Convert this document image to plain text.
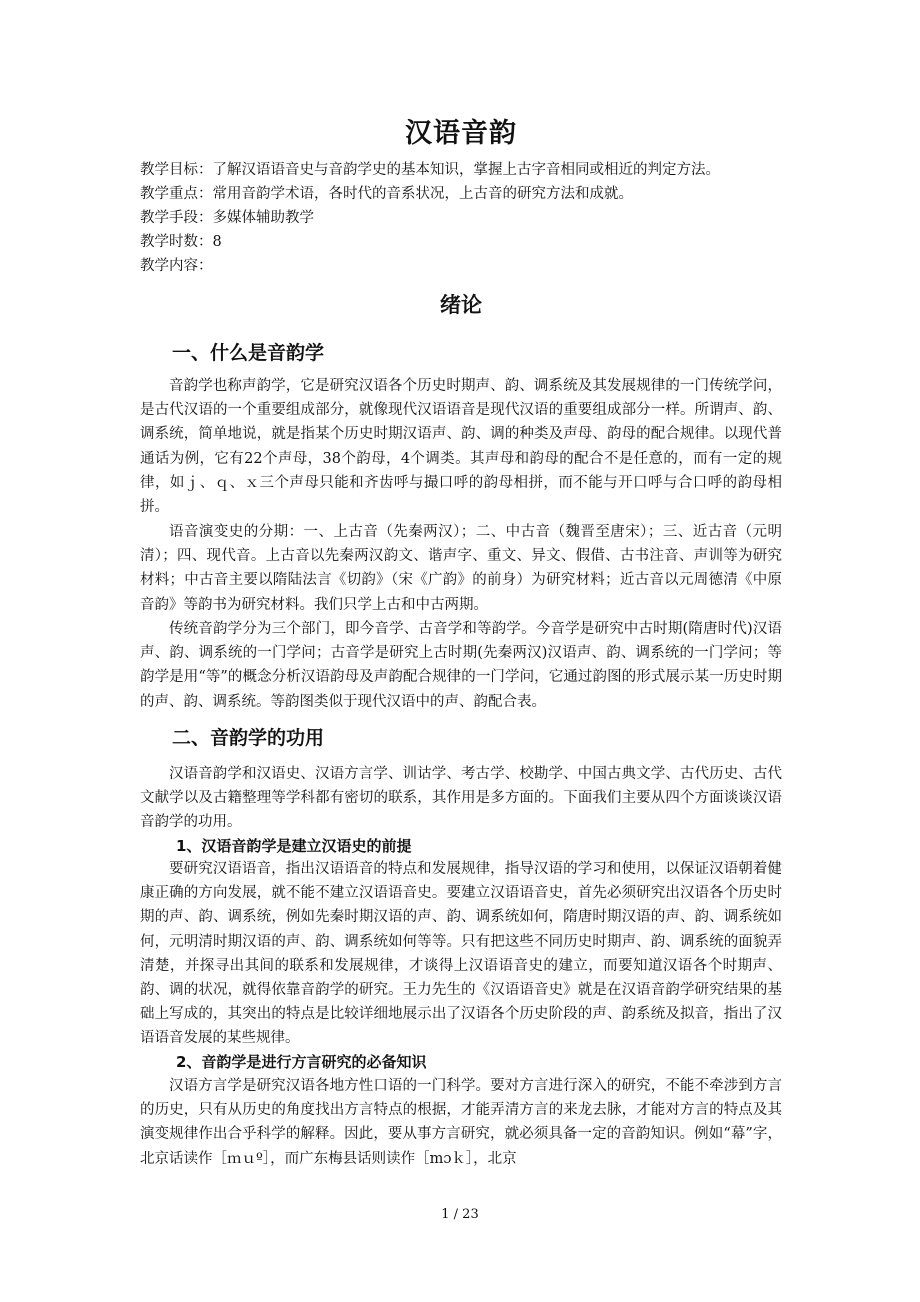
汉语音韵
教学目标：了解汉语语音史与音韵学史的基本知识，掌握上古字音相同或相近的判定方法。
教学重点：常用音韵学术语，各时代的音系状况，上古音的研究方法和成就。
教学手段：多媒体辅助教学
教学时数：8
教学内容：
绪论
一、什么是音韵学
音韵学也称声韵学，它是研究汉语各个历史时期声、韵、调系统及其发展规律的一门传统学问，是古代汉语的一个重要组成部分，就像现代汉语语音是现代汉语的重要组成部分一样。所谓声、韵、调系统，简单地说，就是指某个历史时期汉语声、韵、调的种类及声母、韵母的配合规律。以现代普通话为例，它有22个声母，38个韵母，4个调类。其声母和韵母的配合不是任意的，而有一定的规律，如ｊ、ｑ、ｘ三个声母只能和齐齿呼与撮口呼的韵母相拼，而不能与开口呼与合口呼的韵母相拼。
语音演变史的分期：一、上古音（先秦两汉）；二、中古音（魏晋至唐宋）；三、近古音（元明清）；四、现代音。上古音以先秦两汉韵文、谐声字、重文、异文、假借、古书注音、声训等为研究材料；中古音主要以隋陆法言《切韵》（宋《广韵》的前身）为研究材料；近古音以元周德清《中原音韵》等韵书为研究材料。我们只学上古和中古两期。
传统音韵学分为三个部门，即今音学、古音学和等韵学。今音学是研究中古时期(隋唐时代)汉语声、韵、调系统的一门学问；古音学是研究上古时期(先秦两汉)汉语声、韵、调系统的一门学问；等韵学是用“等”的概念分析汉语韵母及声韵配合规律的一门学问，它通过韵图的形式展示某一历史时期的声、韵、调系统。等韵图类似于现代汉语中的声、韵配合表。
二、音韵学的功用
汉语音韵学和汉语史、汉语方言学、训诂学、考古学、校勘学、中国古典文学、古代历史、古代文献学以及古籍整理等学科都有密切的联系，其作用是多方面的。下面我们主要从四个方面谈谈汉语音韵学的功用。
1、汉语音韵学是建立汉语史的前提
要研究汉语语音，指出汉语语音的特点和发展规律，指导汉语的学习和使用，以保证汉语朝着健康正确的方向发展，就不能不建立汉语语音史。要建立汉语语音史，首先必须研究出汉语各个历史时期的声、韵、调系统，例如先秦时期汉语的声、韵、调系统如何，隋唐时期汉语的声、韵、调系统如何，元明清时期汉语的声、韵、调系统如何等等。只有把这些不同历史时期声、韵、调系统的面貌弄清楚，并探寻出其间的联系和发展规律，才谈得上汉语语音史的建立，而要知道汉语各个时期声、韵、调的状况，就得依靠音韵学的研究。王力先生的《汉语语音史》就是在汉语音韵学研究结果的基础上写成的，其突出的特点是比较详细地展示出了汉语各个历史阶段的声、韵系统及拟音，指出了汉语语音发展的某些规律。
2、音韵学是进行方言研究的必备知识
汉语方言学是研究汉语各地方性口语的一门科学。要对方言进行深入的研究，不能不牵涉到方言的历史，只有从历史的角度找出方言特点的根据，才能弄清方言的来龙去脉，才能对方言的特点及其演变规律作出合乎科学的解释。因此，要从事方言研究，就必须具备一定的音韵知识。例如“幕”字，北京话读作［ｍｕº］，而广东梅县话则读作［mɔｋ］，北京
1 / 23
